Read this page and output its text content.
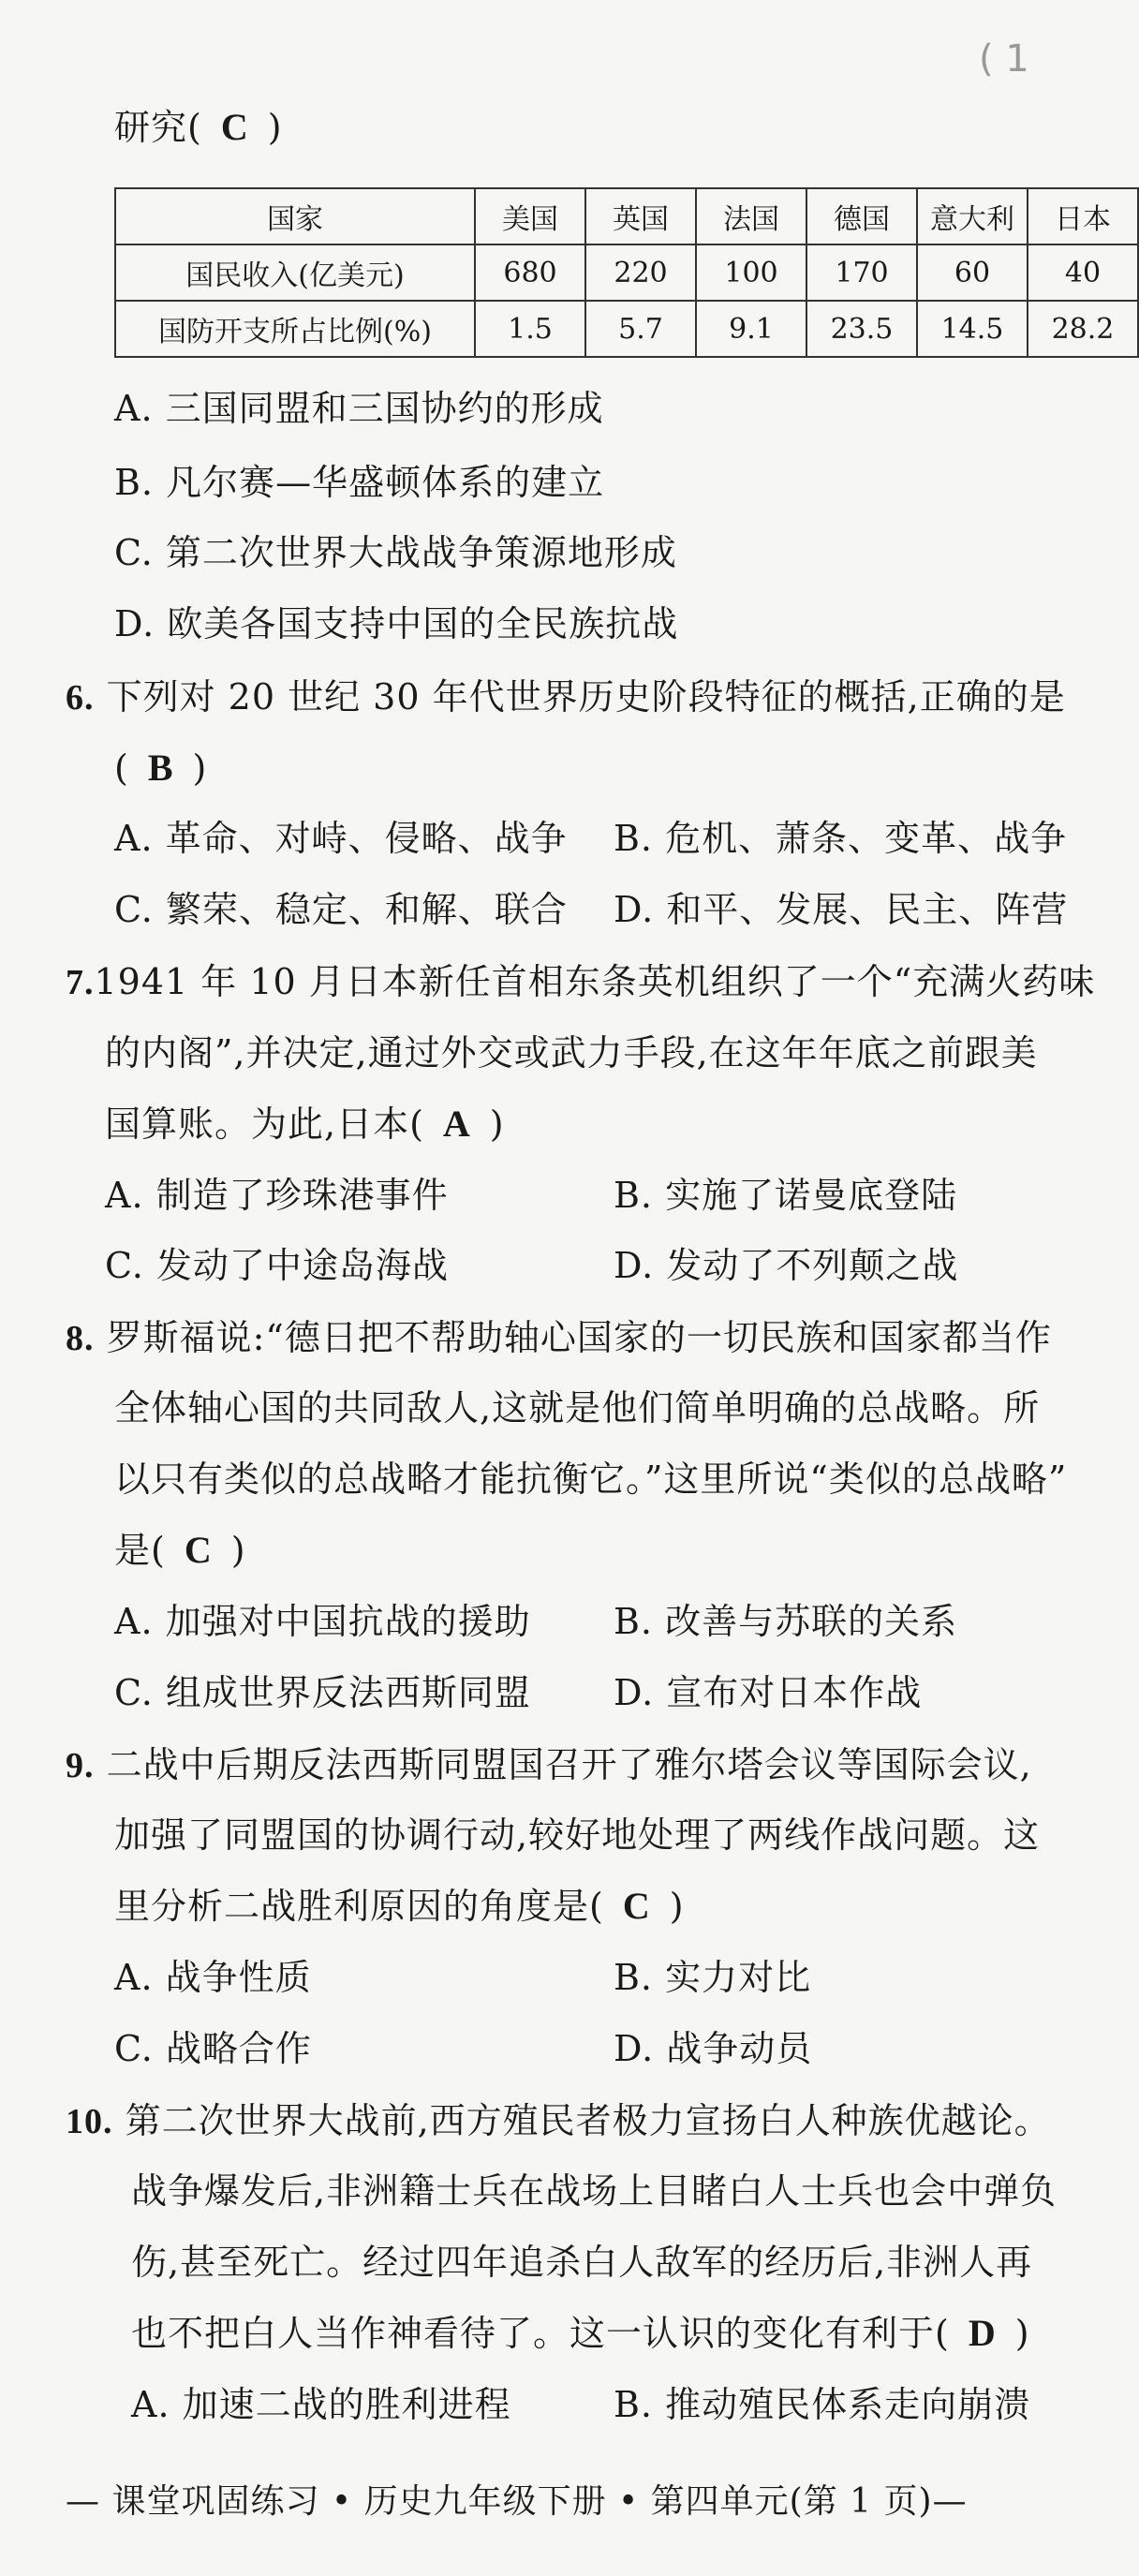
( 1
研究( C )
国家	美国	英国	法国	德国	意大利	日本
国民收入(亿美元)	680	220	100	170	60	40
国防开支所占比例(%)	1.5	5.7	9.1	23.5	14.5	28.2
A. 三国同盟和三国协约的形成
B. 凡尔赛—华盛顿体系的建立
C. 第二次世界大战战争策源地形成
D. 欧美各国支持中国的全民族抗战
6. 下列对 20 世纪 30 年代世界历史阶段特征的概括,正确的是
( B )
A. 革命、对峙、侵略、战争 B. 危机、萧条、变革、战争
C. 繁荣、稳定、和解、联合 D. 和平、发展、民主、阵营
7.1941 年 10 月日本新任首相东条英机组织了一个“充满火药味
的内阁”,并决定,通过外交或武力手段,在这年年底之前跟美
国算账。为此,日本( A )
A. 制造了珍珠港事件	B. 实施了诺曼底登陆
C. 发动了中途岛海战	D. 发动了不列颠之战
8. 罗斯福说:“德日把不帮助轴心国家的一切民族和国家都当作
全体轴心国的共同敌人,这就是他们简单明确的总战略。所
以只有类似的总战略才能抗衡它。”这里所说“类似的总战略”
是( C )
A. 加强对中国抗战的援助 B. 改善与苏联的关系
C. 组成世界反法西斯同盟 D. 宣布对日本作战
9. 二战中后期反法西斯同盟国召开了雅尔塔会议等国际会议,
加强了同盟国的协调行动,较好地处理了两线作战问题。这
里分析二战胜利原因的角度是( C )
A. 战争性质	B. 实力对比
C. 战略合作	D. 战争动员
10. 第二次世界大战前,西方殖民者极力宣扬白人种族优越论。
战争爆发后,非洲籍士兵在战场上目睹白人士兵也会中弹负
伤,甚至死亡。经过四年追杀白人敌军的经历后,非洲人再
也不把白人当作神看待了。这一认识的变化有利于( D )
A. 加速二战的胜利进程	B. 推动殖民体系走向崩溃
— 课堂巩固练习 • 历史九年级下册 • 第四单元(第 1 页)—
